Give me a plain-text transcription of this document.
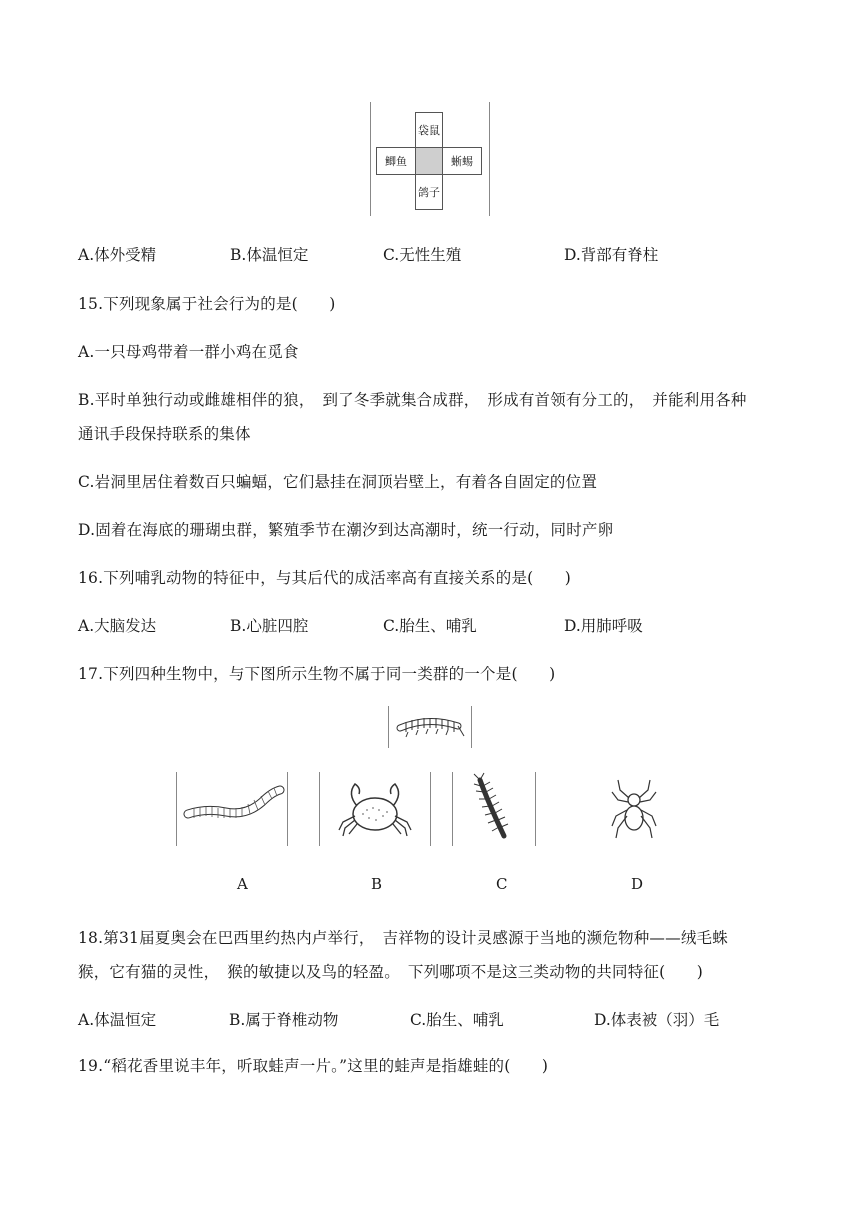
袋鼠
鲫鱼	蜥蜴
鸽子
A.体外受精	B.体温恒定	C.无性生殖	D.背部有脊柱
15.下列现象属于社会行为的是(　　)
A.一只母鸡带着一群小鸡在觅食
B.平时单独行动或雌雄相伴的狼，　到了冬季就集合成群，　形成有首领有分工的，　并能利用各种
通讯手段保持联系的集体
C.岩洞里居住着数百只蝙蝠，它们悬挂在洞顶岩壁上，有着各自固定的位置
D.固着在海底的珊瑚虫群，繁殖季节在潮汐到达高潮时，统一行动，同时产卵
16.下列哺乳动物的特征中，与其后代的成活率高有直接关系的是(　　)
A.大脑发达	B.心脏四腔	C.胎生、哺乳	D.用肺呼吸
17.下列四种生物中，与下图所示生物不属于同一类群的一个是(　　)
A	B	C	D
18.第31届夏奥会在巴西里约热内卢举行，　吉祥物的设计灵感源于当地的濒危物种——绒毛蛛
猴，它有猫的灵性，　猴的敏捷以及鸟的轻盈。　下列哪项不是这三类动物的共同特征(　　)
A.体温恒定	B.属于脊椎动物	C.胎生、哺乳	D.体表被（羽）毛
19.“稻花香里说丰年，听取蛙声一片。”这里的蛙声是指雄蛙的(　　)
